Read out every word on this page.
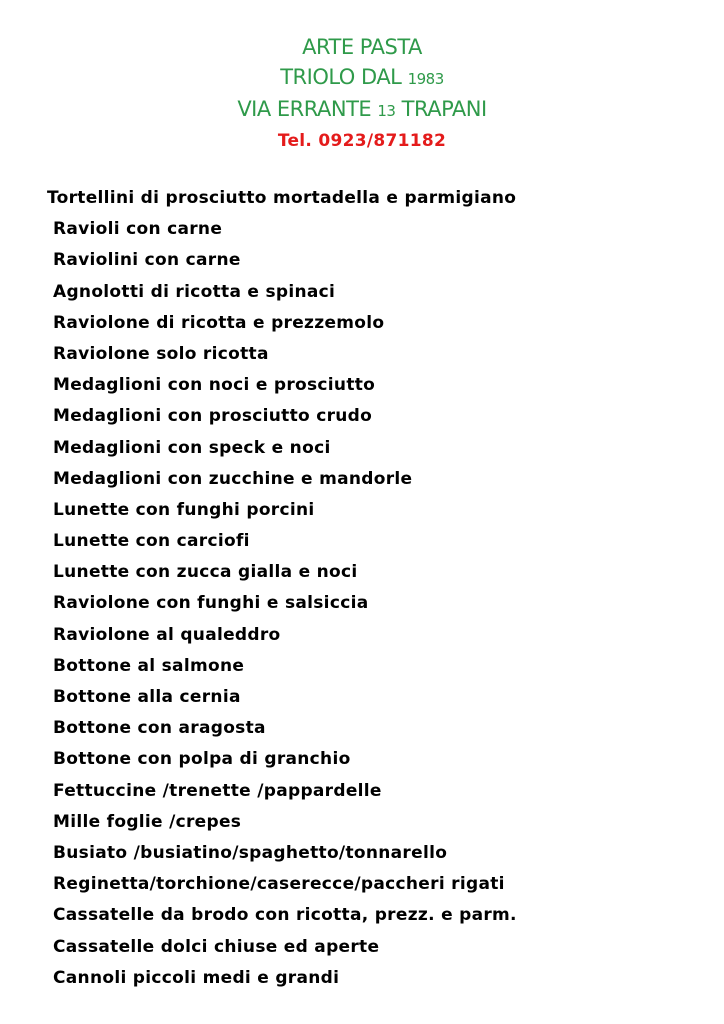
ARTE PASTA
TRIOLO DAL 1983
VIA ERRANTE 13 TRAPANI
Tel. 0923/871182
Tortellini di prosciutto mortadella e parmigiano
Ravioli con carne
Raviolini con carne
Agnolotti di ricotta e spinaci
Raviolone di ricotta e prezzemolo
Raviolone solo ricotta
Medaglioni con noci e prosciutto
Medaglioni con prosciutto crudo
Medaglioni con speck e noci
Medaglioni con zucchine e mandorle
Lunette con funghi porcini
Lunette con carciofi
Lunette con zucca gialla e noci
Raviolone con funghi e salsiccia
Raviolone al qualeddro
Bottone al salmone
Bottone alla cernia
Bottone con aragosta
Bottone con polpa di granchio
Fettuccine /trenette /pappardelle
Mille foglie /crepes
Busiato /busiatino/spaghetto/tonnarello
Reginetta/torchione/caserecce/paccheri rigati
Cassatelle da brodo con ricotta, prezz. e parm.
Cassatelle dolci chiuse ed aperte
Cannoli piccoli medi e grandi
